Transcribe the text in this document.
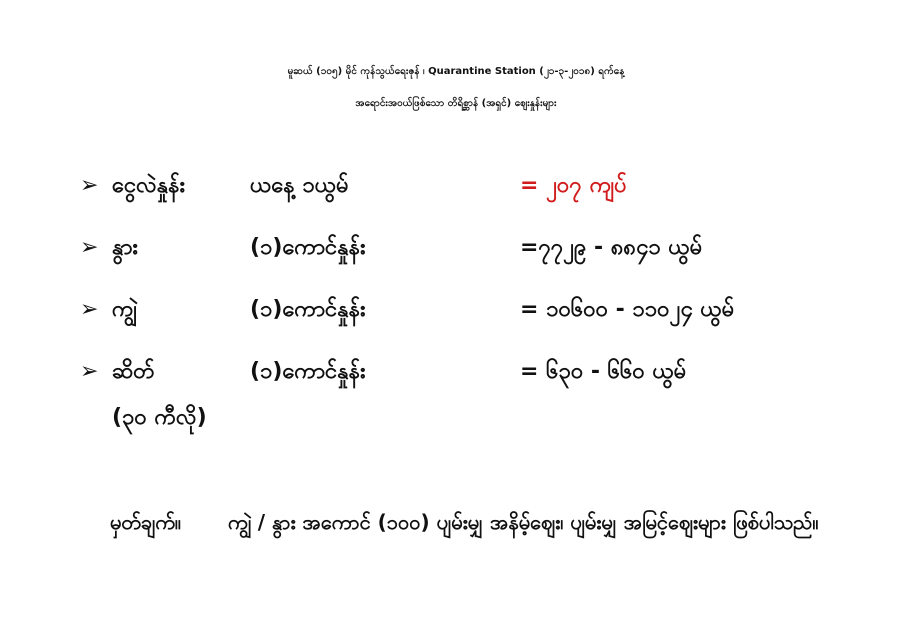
မူဆယ် (၁၀၅) မိုင် ကုန်သွယ်ရေးဇုန် ၊ Quarantine Station (၂၁-၃-၂၀၁၈) ရက်နေ့
အရောင်းအဝယ်ဖြစ်သော တိရိစ္ဆာန် (အရှင်) ဈေးနှုန်းများ
➢ ငွေလဲနှုန်း	ယနေ့ ၁ယွမ်	= ၂၀၇ ကျပ်
➢ နွား	(၁)ကောင်နှုန်း	=၇၇၂၉ - ၈၈၄၁ ယွမ်
➢ ကျွဲ	(၁)ကောင်နှုန်း	= ၁၀၆၀၀ - ၁၁၀၂၄ ယွမ်
➢ ဆိတ်	(၁)ကောင်နှုန်း	= ၆၃၀ - ၆၆၀ ယွမ်
(၃၀ ကီလို)
မှတ်ချက်။ ကျွဲ / နွား အကောင် (၁၀၀) ပျမ်းမျှ အနိမ့်ဈေး၊ ပျမ်းမျှ အမြင့်ဈေးများ ဖြစ်ပါသည်။
